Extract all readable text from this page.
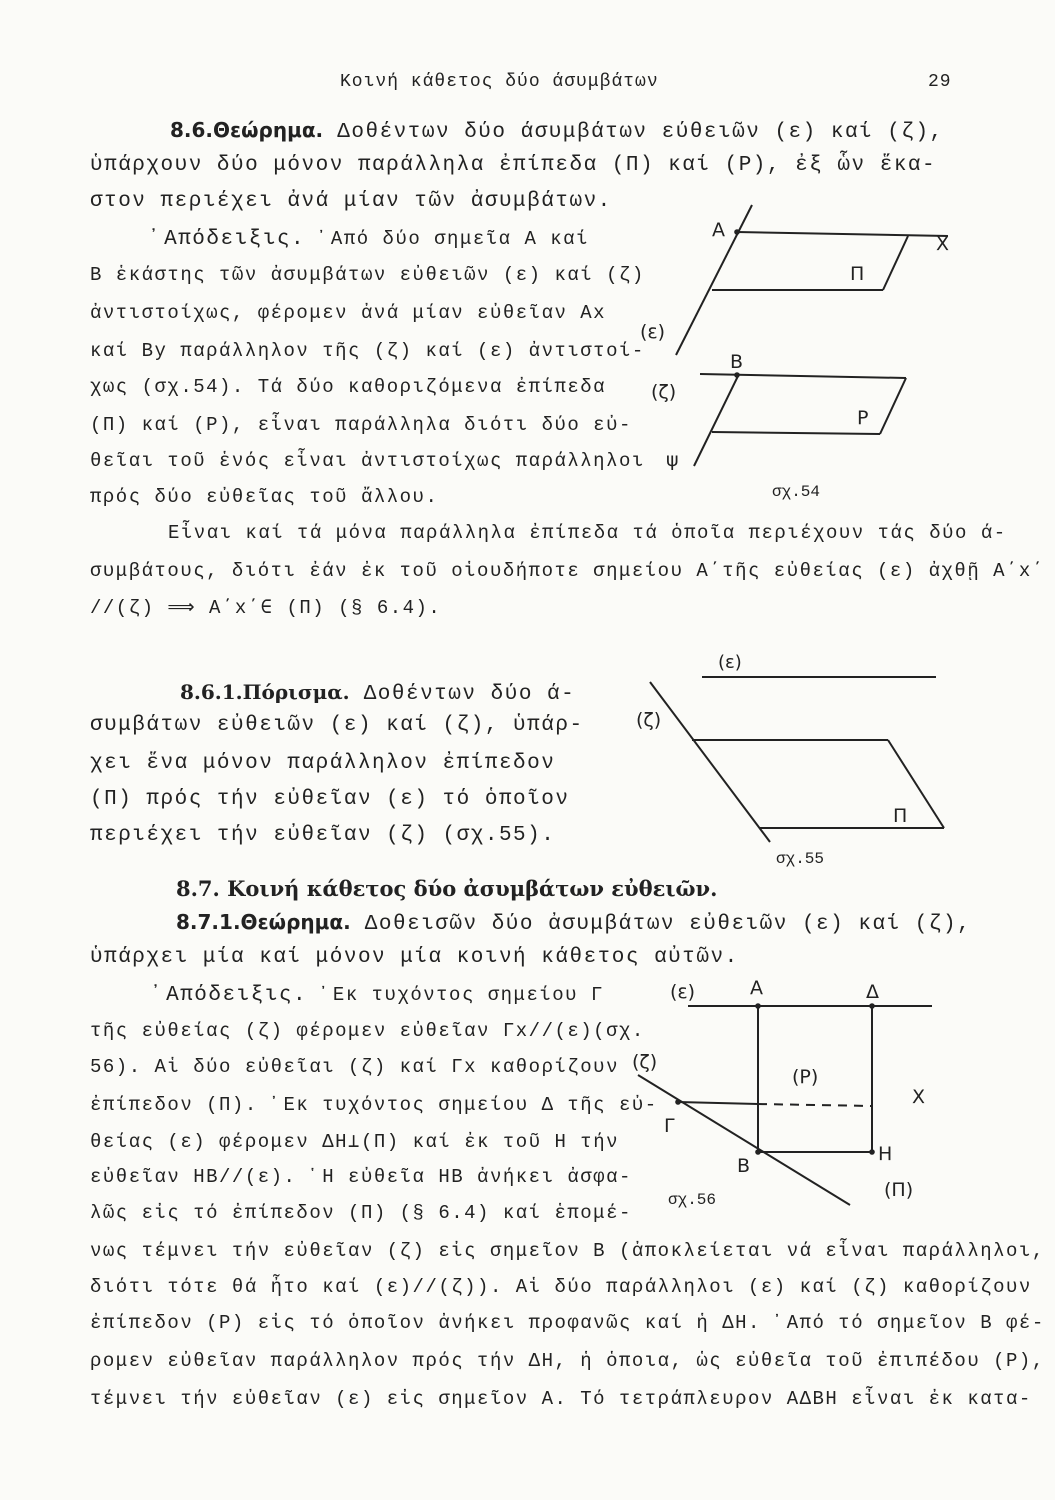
Κοινή κάθετος δύο άσυμβάτων	29
8.6.Θεώρημα. Δοθέντων δύο άσυμβάτων εύθειῶν (ε) καί (ζ),
ὑπάρχουν δύο μόνον παράλληλα ἐπίπεδα (Π) καί (Ρ), ἐξ ὧν ἕκα-
στον περιέχει ἀνά μίαν τῶν ἀσυμβάτων.
᾿Απόδειξις. ᾿Από δύο σημεῖα Α καί
Β ἑκάστης τῶν ἀσυμβάτων εὐθειῶν (ε) καί (ζ)
ἀντιστοίχως, φέρομεν ἀνά μίαν εὐθεῖαν Αx
καί Βy παράλληλον τῆς (ζ) καί (ε) ἀντιστοί-
χως (σχ.54). Τά δύο καθοριζόμενα ἐπίπεδα
(Π) καί (Ρ), εἶναι παράλληλα διότι δύο εὐ-
θεῖαι τοῦ ἑνός εἶναι ἀντιστοίχως παράλληλοι
πρός δύο εὐθεῖας τοῦ ἄλλου.
Εἶναι καί τά μόνα παράλληλα ἐπίπεδα τά ὁποῖα περιέχουν τάς δύο ά-
συμβάτους, διότι ἐάν ἐκ τοῦ οἱουδήποτε σημείου Α΄τῆς εὐθείας (ε) ἀχθῇ Α΄x΄
//(ζ) ⟹ Α΄x΄∈ (Π) (§ 6.4).
8.6.1.Πόρισμα. Δοθέντων δύο ά-
συμβάτων εὐθειῶν (ε) καί (ζ), ὑπάρ-
χει ἕνα μόνον παράλληλον ἐπίπεδον
(Π) πρός τήν εὐθεῖαν (ε) τό ὁποῖον
περιέχει τήν εὐθεῖαν (ζ) (σχ.55).
8.7. Κοινή κάθετος δύο ἀσυμβάτων εὐθειῶν.
8.7.1.Θεώρημα. Δοθεισῶν δύο ἀσυμβάτων εὐθειῶν (ε) καί (ζ),
ὑπάρχει μία καί μόνον μία κοινή κάθετος αὐτῶν.
᾿Απόδειξις. ᾿Εκ τυχόντος σημείου Γ
τῆς εὐθείας (ζ) φέρομεν εὐθεῖαν Γx//(ε)(σχ.
56). Αἱ δύο εὐθεῖαι (ζ) καί Γx καθορίζουν
ἐπίπεδον (Π). ᾿Εκ τυχόντος σημείου Δ τῆς εὐ-
θείας (ε) φέρομεν ΔΗ⊥(Π) καί ἐκ τοῦ Η τήν
εὐθεῖαν ΗΒ//(ε). ῾Η εὐθεῖα ΗΒ ἀνήκει ἀσφα-
λῶς εἰς τό ἐπίπεδον (Π) (§ 6.4) καί ἑπομέ-
νως τέμνει τήν εὐθεῖαν (ζ) εἰς σημεῖον Β (ἀποκλείεται νά εἶναι παράλληλοι,
διότι τότε θά ἦτο καί (ε)//(ζ)). Αἱ δύο παράλληλοι (ε) καί (ζ) καθορίζουν
ἐπίπεδον (Ρ) εἰς τό ὁποῖον ἀνήκει προφανῶς καί ἡ ΔΗ. ᾿Από τό σημεῖον Β φέ-
ρομεν εὐθεῖαν παράλληλον πρός τήν ΔΗ, ἡ ὁποια, ὡς εὐθεῖα τοῦ ἐπιπέδου (Ρ),
τέμνει τήν εὐθεῖαν (ε) εἰς σημεῖον Α. Τό τετράπλευρον ΑΔΒΗ εἶναι ἐκ κατα-
Α
Χ
Π
(ε)
Β
(ζ)
Ρ
ψ
σχ.54
(ε)
(ζ)
Π
σχ.55
(ε)	Α	Δ
(ζ)
(Ρ)
Χ
Γ
Η
Β
(Π)
σχ.56
